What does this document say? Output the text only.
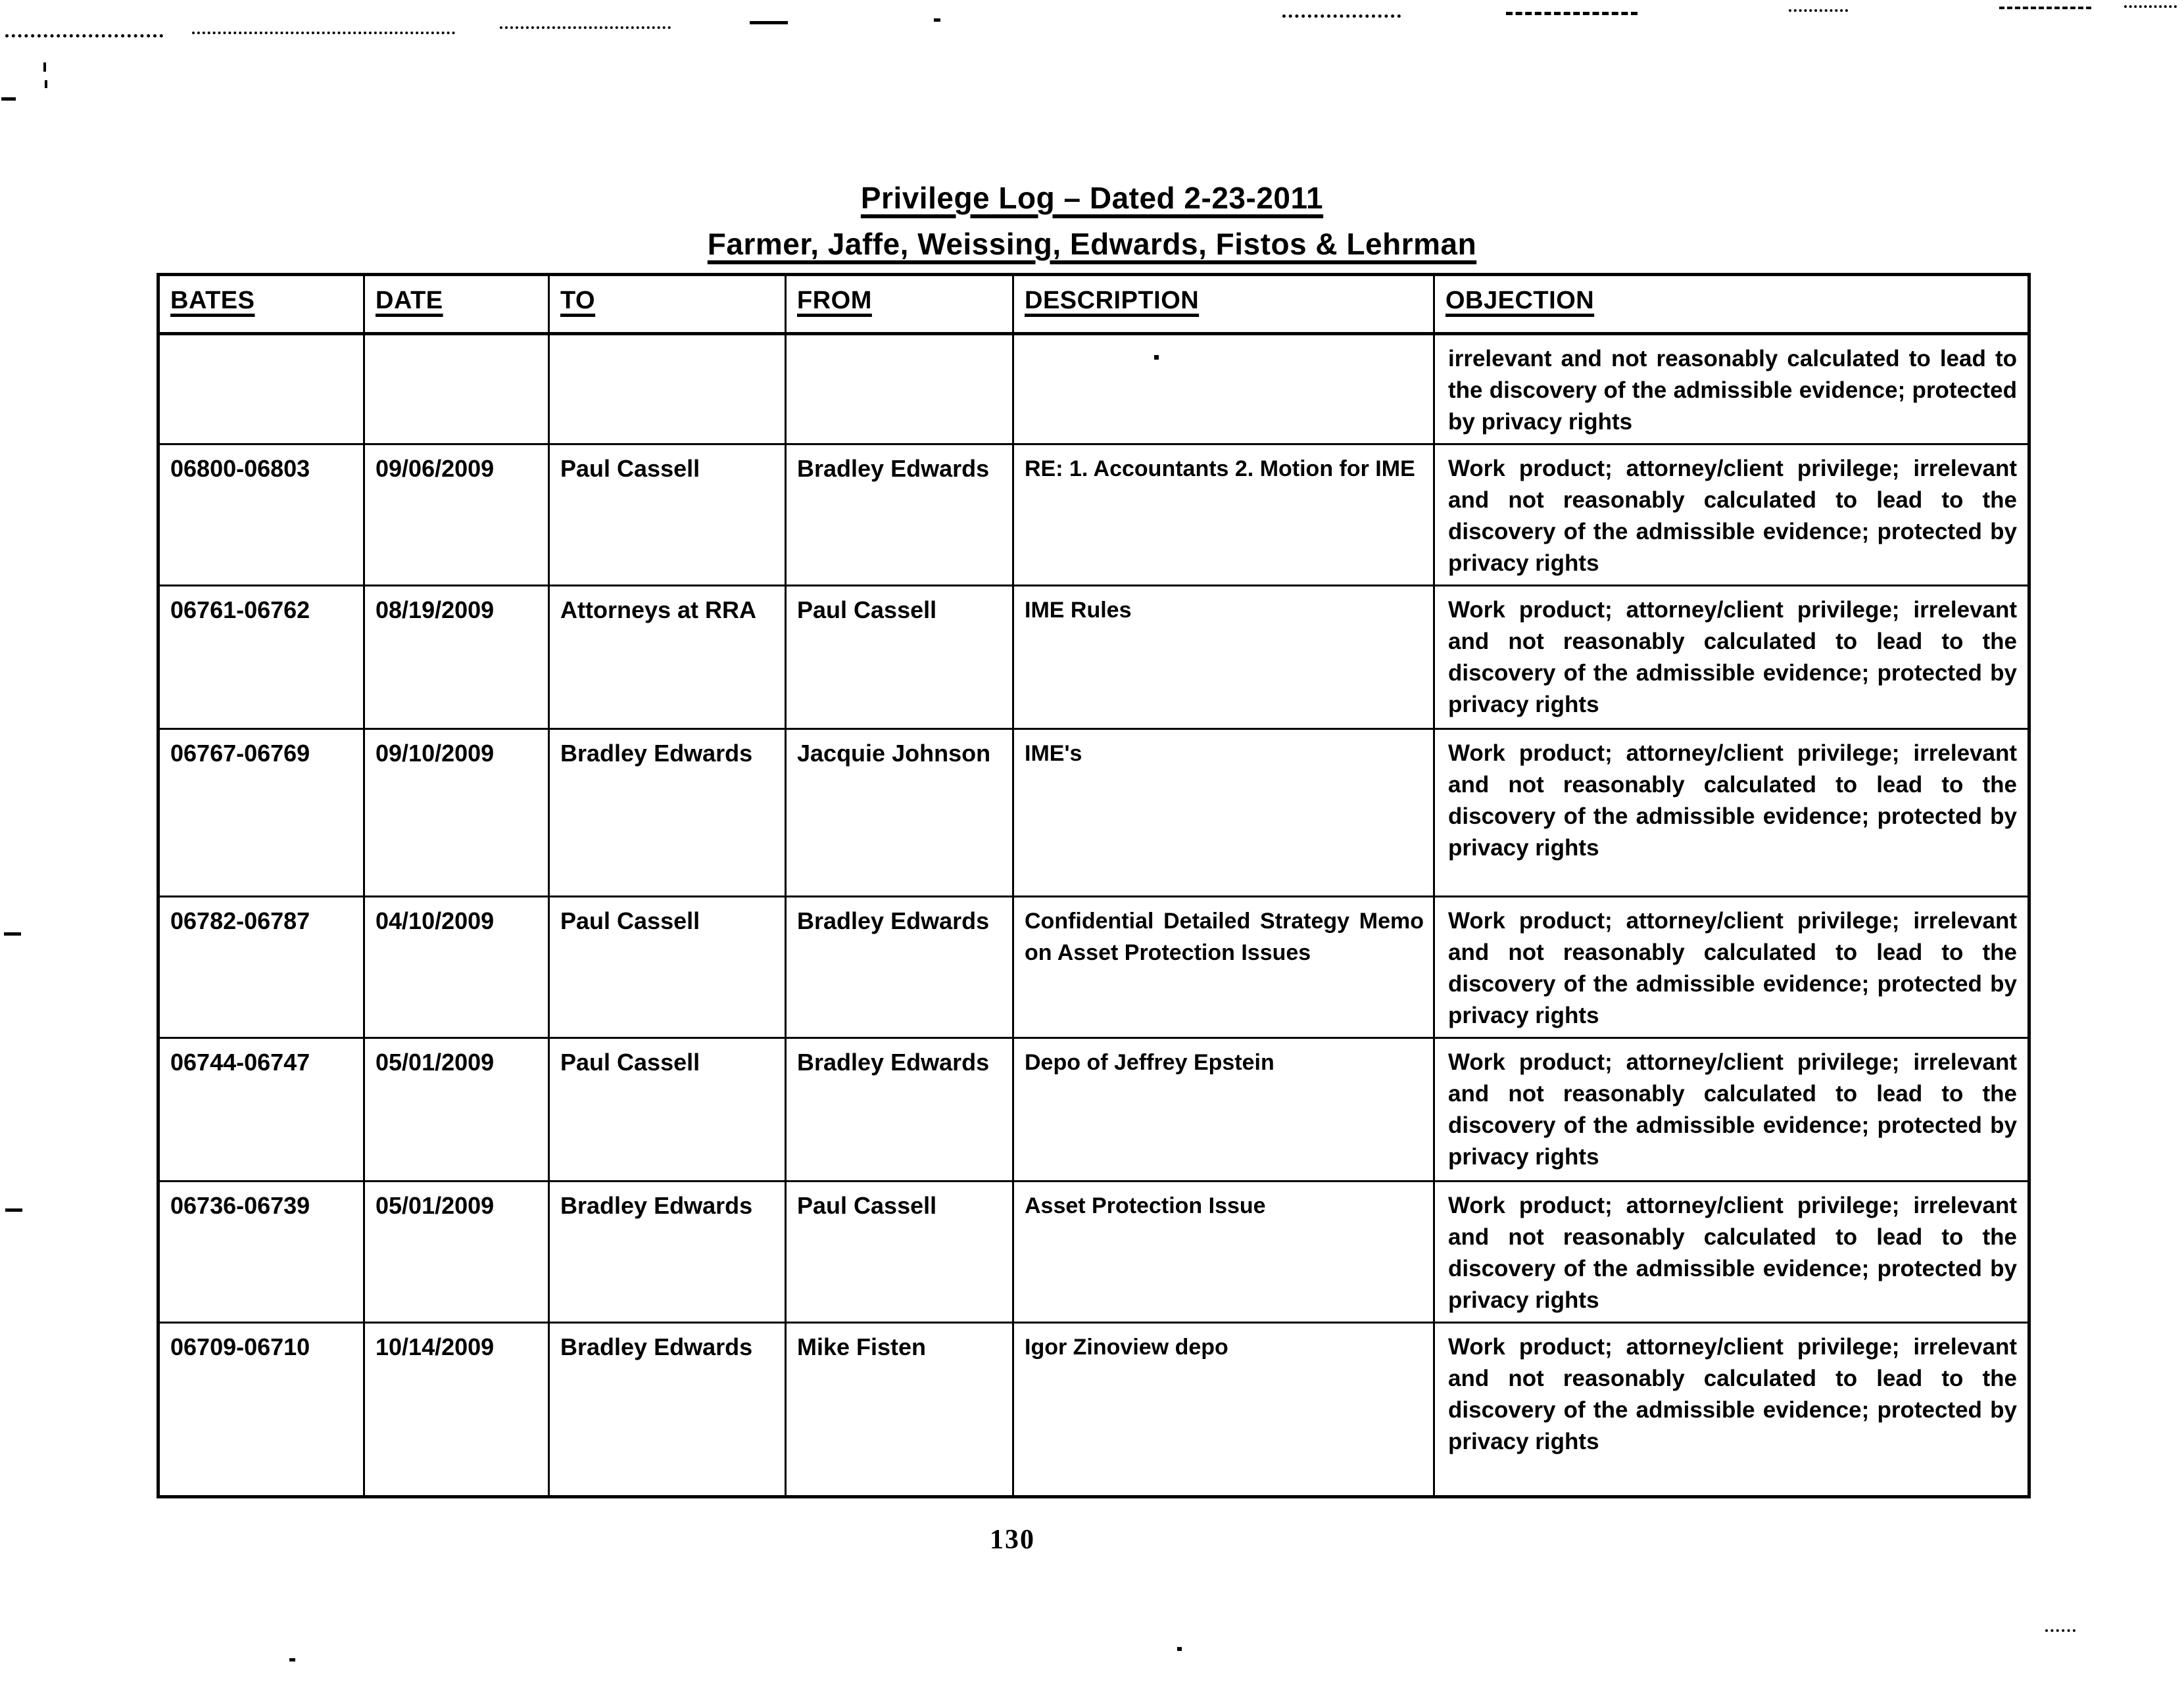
Privilege Log – Dated 2-23-2011
Farmer, Jaffe, Weissing, Edwards, Fistos & Lehrman
BATES	DATE	TO	FROM	DESCRIPTION	OBJECTION
					irrelevant and not reasonably calculated to lead to the discovery of the admissible evidence; protected by privacy rights
06800-06803	09/06/2009	Paul Cassell	Bradley Edwards	RE: 1. Accountants 2. Motion for IME	Work product; attorney/client privilege; irrelevant and not reasonably calculated to lead to the discovery of the admissible evidence; protected by privacy rights
06761-06762	08/19/2009	Attorneys at RRA	Paul Cassell	IME Rules	Work product; attorney/client privilege; irrelevant and not reasonably calculated to lead to the discovery of the admissible evidence; protected by privacy rights
06767-06769	09/10/2009	Bradley Edwards	Jacquie Johnson	IME's	Work product; attorney/client privilege; irrelevant and not reasonably calculated to lead to the discovery of the admissible evidence; protected by privacy rights
06782-06787	04/10/2009	Paul Cassell	Bradley Edwards	Confidential Detailed Strategy Memo on Asset Protection Issues	Work product; attorney/client privilege; irrelevant and not reasonably calculated to lead to the discovery of the admissible evidence; protected by privacy rights
06744-06747	05/01/2009	Paul Cassell	Bradley Edwards	Depo of Jeffrey Epstein	Work product; attorney/client privilege; irrelevant and not reasonably calculated to lead to the discovery of the admissible evidence; protected by privacy rights
06736-06739	05/01/2009	Bradley Edwards	Paul Cassell	Asset Protection Issue	Work product; attorney/client privilege; irrelevant and not reasonably calculated to lead to the discovery of the admissible evidence; protected by privacy rights
06709-06710	10/14/2009	Bradley Edwards	Mike Fisten	Igor Zinoview depo	Work product; attorney/client privilege; irrelevant and not reasonably calculated to lead to the discovery of the admissible evidence; protected by privacy rights
130
